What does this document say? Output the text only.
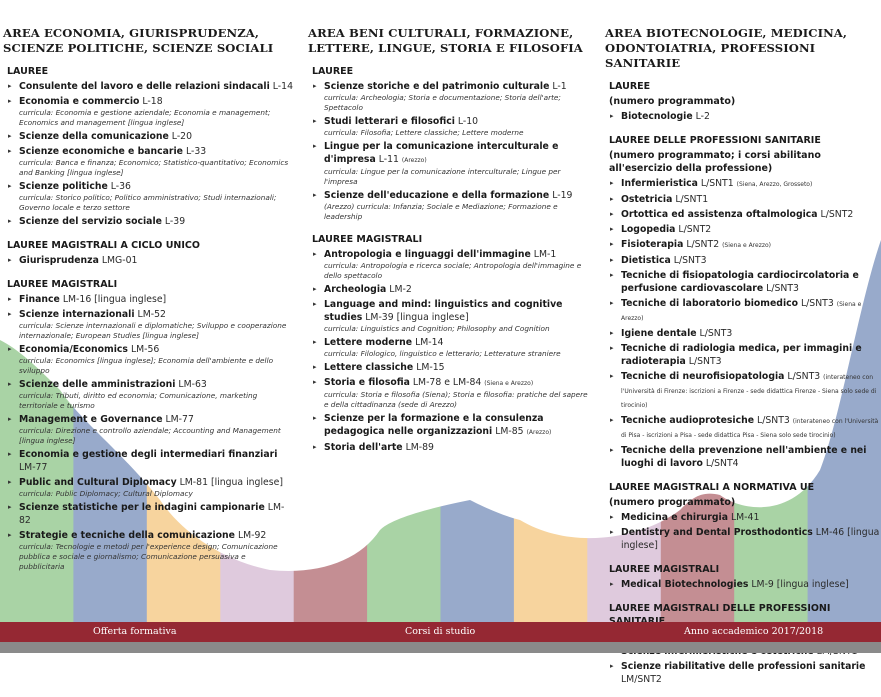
AREA ECONOMIA, GIURISPRUDENZA,
SCIENZE POLITICHE, SCIENZE SOCIALI
LAUREE
▸ Consulente del lavoro e delle relazioni sindacali L-14
▸ Economia e commercio L-18
curricula: Economia e gestione aziendale; Economia e management; Economics and management [lingua inglese]
▸ Scienze della comunicazione L-20
▸ Scienze economiche e bancarie L-33
curricula: Banca e finanza; Economico; Statistico-quantitativo; Economics and Banking [lingua inglese]
▸ Scienze politiche L-36
curricula: Storico politico; Politico amministrativo; Studi internazionali; Governo locale e terzo settore
▸ Scienze del servizio sociale L-39
LAUREE MAGISTRALI A CICLO UNICO
▸ Giurisprudenza LMG-01
LAUREE MAGISTRALI
▸ Finance LM-16 [lingua inglese]
▸ Scienze internazionali LM-52
curricula: Scienze internazionali e diplomatiche; Sviluppo e cooperazione internazionale; European Studies [lingua inglese]
▸ Economia/Economics LM-56
curricula: Economics [lingua inglese]; Economia dell'ambiente e dello sviluppo
▸ Scienze delle amministrazioni LM-63
curricula: Tributi, diritto ed economia; Comunicazione, marketing territoriale e turismo
▸ Management e Governance LM-77
curricula: Direzione e controllo aziendale; Accounting and Management [lingua inglese]
▸ Economia e gestione degli intermediari finanziari LM-77
▸ Public and Cultural Diplomacy LM-81 [lingua inglese]
curricula: Public Diplomacy; Cultural Diplomacy
▸ Scienze statistiche per le indagini campionarie LM-82
▸ Strategie e tecniche della comunicazione LM-92
curricula: Tecnologie e metodi per l'experience design; Comunicazione pubblica e sociale e giornalismo; Comunicazione persuasiva e pubblicitaria
AREA BENI CULTURALI, FORMAZIONE,
LETTERE, LINGUE, STORIA E FILOSOFIA
LAUREE
▸ Scienze storiche e del patrimonio culturale L-1
curricula: Archeologia; Storia e documentazione; Storia dell'arte; Spettacolo
▸ Studi letterari e filosofici L-10
curricula: Filosofia; Lettere classiche; Lettere moderne
▸ Lingue per la comunicazione interculturale e d'impresa L-11 (Arezzo)
curricula: Lingue per la comunicazione interculturale; Lingue per l'impresa
▸ Scienze dell'educazione e della formazione L-19
(Arezzo) curricula: Infanzia; Sociale e Mediazione; Formazione e leadership
LAUREE MAGISTRALI
▸ Antropologia e linguaggi dell'immagine LM-1
curricula: Antropologia e ricerca sociale; Antropologia dell'immagine e dello spettacolo
▸ Archeologia LM-2
▸ Language and mind: linguistics and cognitive studies LM-39 [lingua inglese]
curricula: Linguistics and Cognition; Philosophy and Cognition
▸ Lettere moderne LM-14
curricula: Filologico, linguistico e letterario; Letterature straniere
▸ Lettere classiche LM-15
▸ Storia e filosofia LM-78 e LM-84 (Siena e Arezzo)
curricula: Storia e filosofia (Siena); Storia e filosofia: pratiche del sapere e della cittadinanza (sede di Arezzo)
▸ Scienze per la formazione e la consulenza pedagogica nelle organizzazioni LM-85 (Arezzo)
▸ Storia dell'arte LM-89
AREA BIOTECNOLOGIE, MEDICINA,
ODONTOIATRIA, PROFESSIONI SANITARIE
LAUREE
(numero programmato)
▸ Biotecnologie L-2
LAUREE DELLE PROFESSIONI SANITARIE
(numero programmato; i corsi abilitano all'esercizio della professione)
▸ Infermieristica L/SNT1 (Siena, Arezzo, Grosseto)
▸ Ostetricia L/SNT1
▸ Ortottica ed assistenza oftalmologica L/SNT2
▸ Logopedia L/SNT2
▸ Fisioterapia L/SNT2 (Siena e Arezzo)
▸ Dietistica L/SNT3
▸ Tecniche di fisiopatologia cardiocircolatoria e perfusione cardiovascolare L/SNT3
▸ Tecniche di laboratorio biomedico L/SNT3 (Siena e Arezzo)
▸ Igiene dentale L/SNT3
▸ Tecniche di radiologia medica, per immagini e radioterapia L/SNT3
▸ Tecniche di neurofisiopatologia L/SNT3 (interateneo con l'Università di Firenze: iscrizioni a Firenze - sede didattica Firenze - Siena solo sede di tirocinio)
▸ Tecniche audioprotesiche L/SNT3 (interateneo con l'Università di Pisa - iscrizioni a Pisa - sede didattica Pisa - Siena solo sede tirocinio)
▸ Tecniche della prevenzione nell'ambiente e nei luoghi di lavoro L/SNT4
LAUREE MAGISTRALI A NORMATIVA UE
(numero programmato)
▸ Medicina e chirurgia LM-41
▸ Dentistry and Dental Prosthodontics LM-46 [lingua inglese]
LAUREE MAGISTRALI
▸ Medical Biotechnologies LM-9 [lingua inglese]
LAUREE MAGISTRALI DELLE PROFESSIONI
▸
▸ Scienze riabilitative delle professioni sanitarie LM/SNT2
Offerta formativa	Corsi di studio	Anno accademico 2017/2018
